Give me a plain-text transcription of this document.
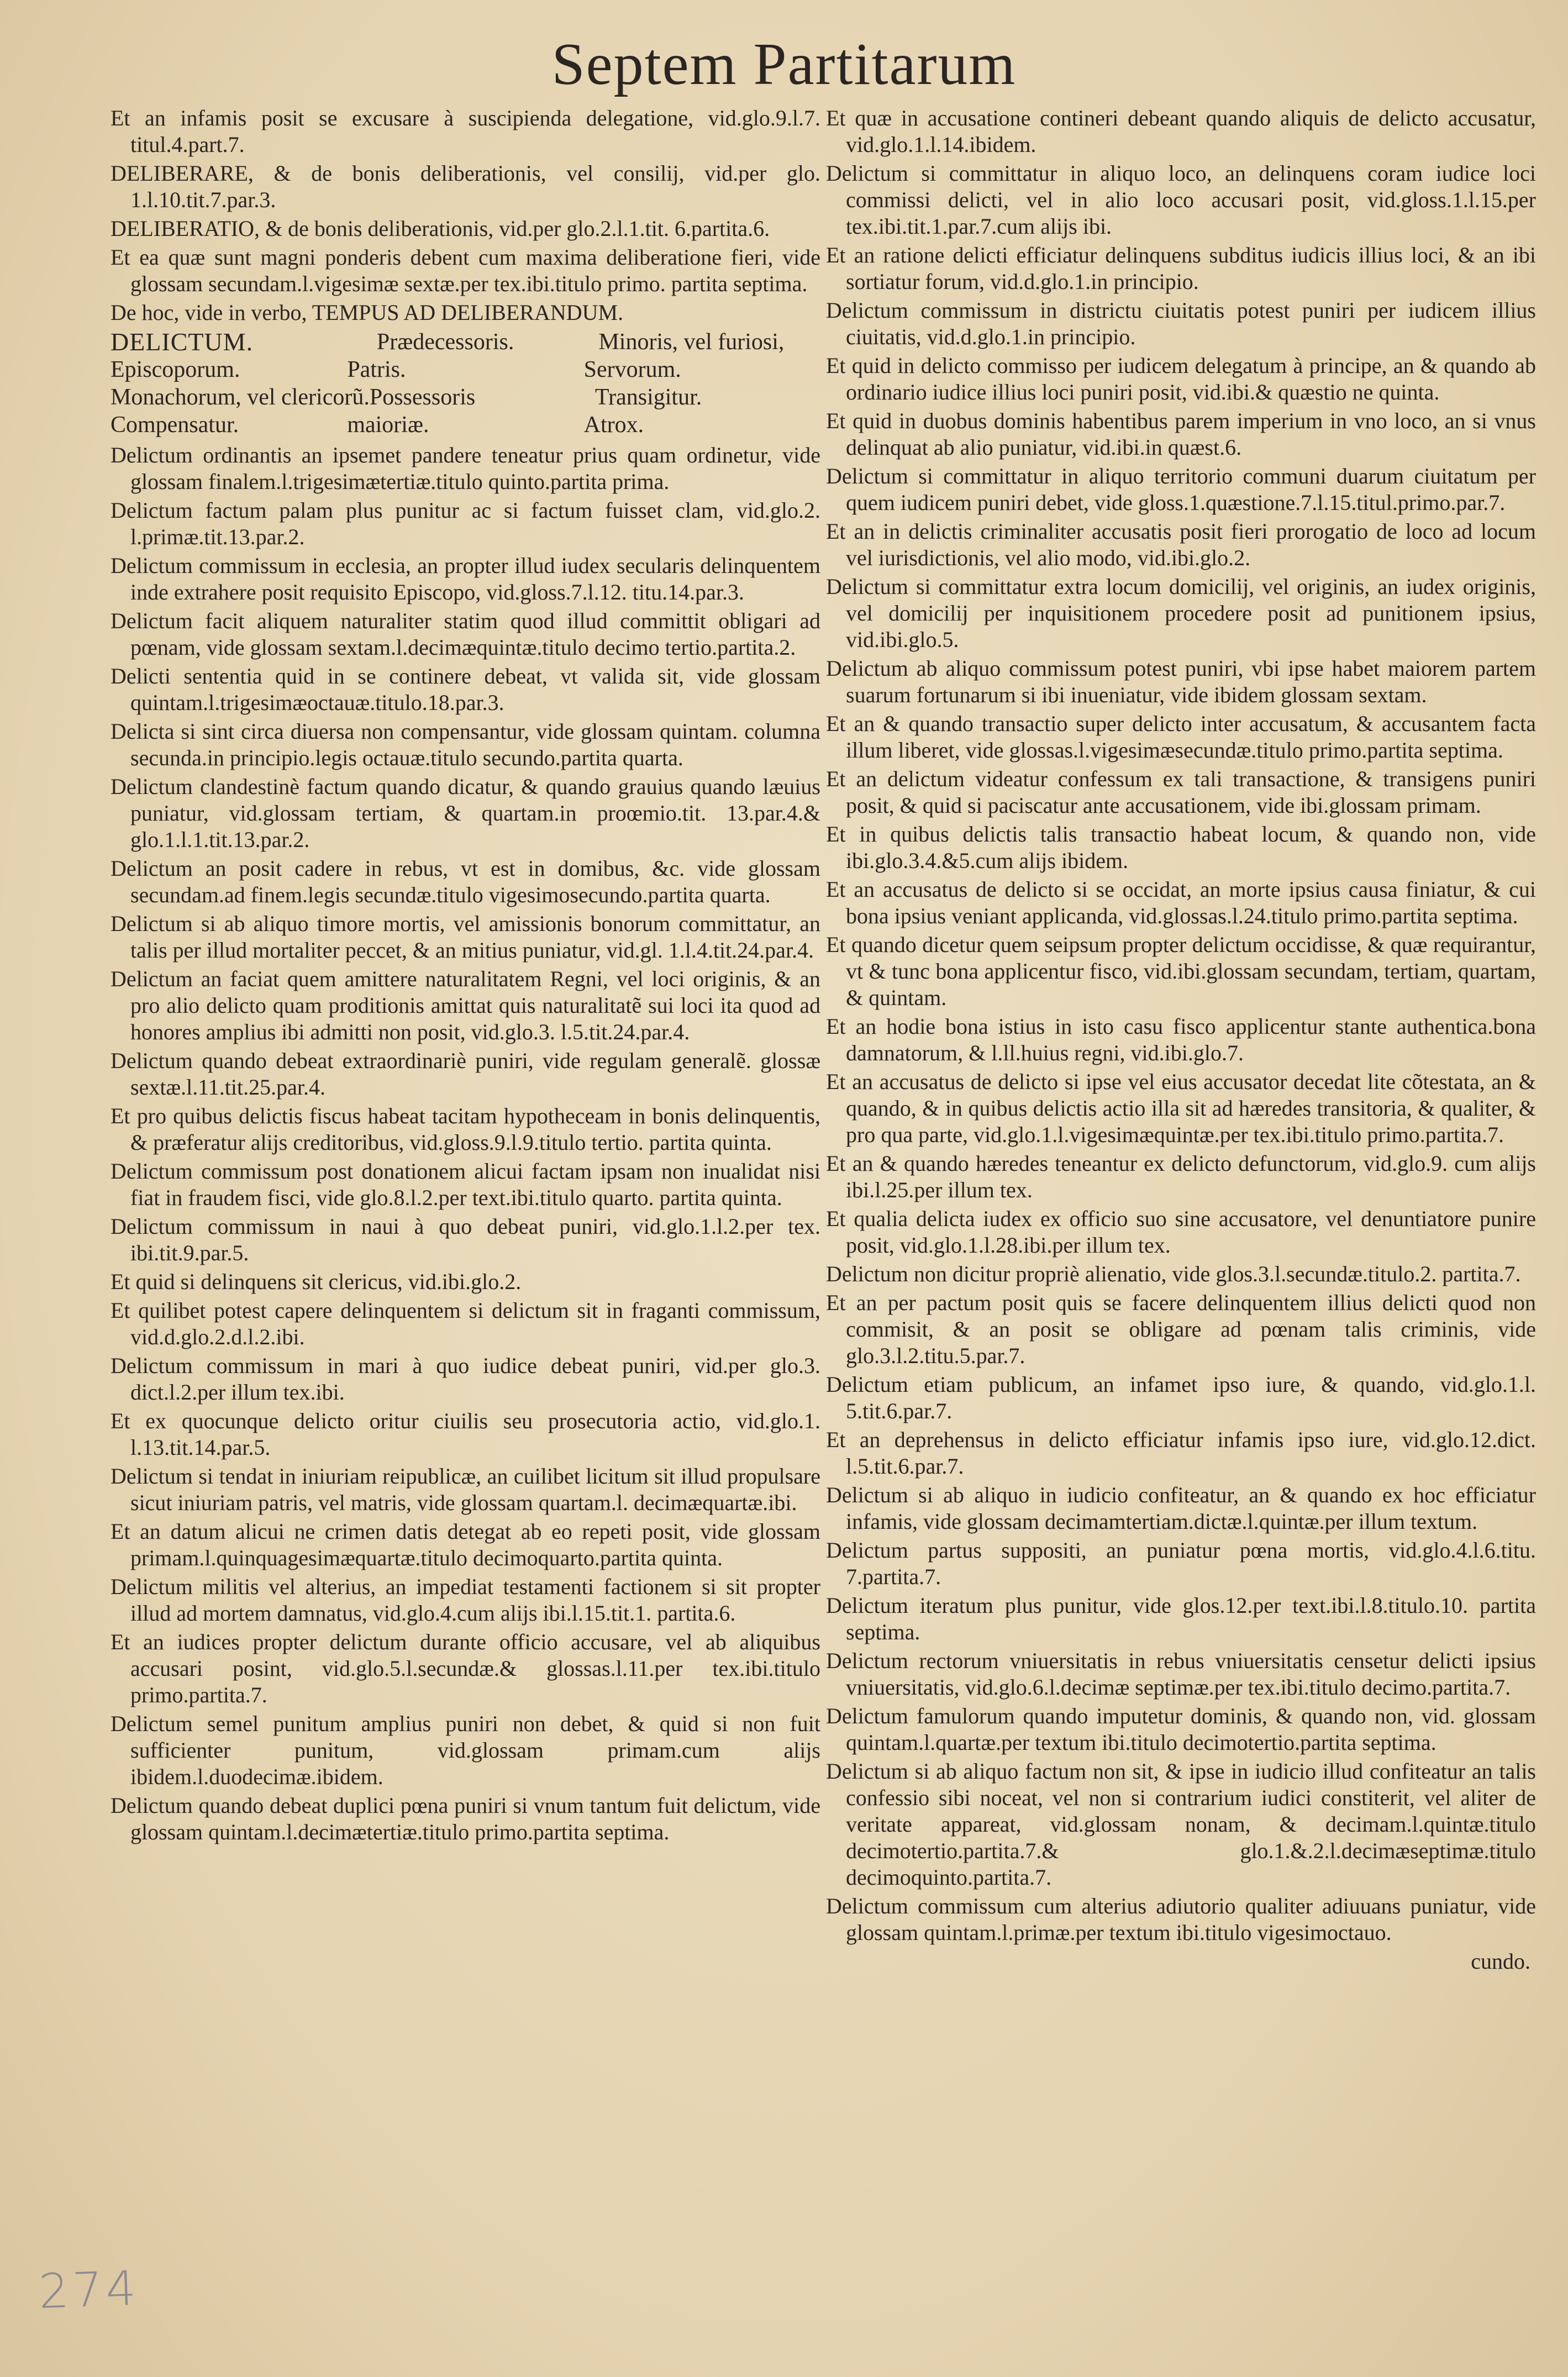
Septem Partitarum

Et an infamis posit se excusare à suscipienda delegatione, vid.glo.9.l.7. titul.4.part.7.

DELIBERARE, & de bonis deliberationis, vel consilij, vid.per glo. 1.l.10.tit.7.par.3.

DELIBERATIO, & de bonis deliberationis, vid.per glo.2.l.1.tit. 6.partita.6.

Et ea quæ sunt magni ponderis debent cum maxima deliberatione fieri, vide glossam secundam.l.vigesimæ sextæ.per tex.ibi.titulo primo. partita septima.

De hoc, vide in verbo, TEMPUS AD DELIBERANDUM.

DELICTUM.	Prædecessoris.	Minoris, vel furiosi,
Episcoporum.	Patris.	Servorum.
Monachorum, vel clericorũ. Possessoris	Transigitur.
Compensatur.	maioriæ.	Atrox.

Delictum ordinantis an ipsemet pandere teneatur prius quam ordinetur, vide glossam finalem.l.trigesimætertiæ.titulo quinto.partita prima.

Delictum factum palam plus punitur ac si factum fuisset clam, vid.glo.2. l.primæ.tit.13.par.2.

Delictum commissum in ecclesia, an propter illud iudex secularis delinquentem inde extrahere posit requisito Episcopo, vid.gloss.7.l.12. titu.14.par.3.

Delictum facit aliquem naturaliter statim quod illud committit obligari ad pœnam, vide glossam sextam.l.decimæquintæ.titulo decimo tertio.partita.2.

Delicti sententia quid in se continere debeat, vt valida sit, vide glossam quintam.l.trigesimæoctauæ.titulo.18.par.3.

Delicta si sint circa diuersa non compensantur, vide glossam quintam. columna secunda.in principio.legis octauæ.titulo secundo.partita quarta.

Delictum clandestinè factum quando dicatur, & quando grauius quando læuius puniatur, vid.glossam tertiam, & quartam.in proœmio.tit. 13.par.4.& glo.1.l.1.tit.13.par.2.

Delictum an posit cadere in rebus, vt est in domibus, &c. vide glossam secundam.ad finem.legis secundæ.titulo vigesimosecundo.partita quarta.

Delictum si ab aliquo timore mortis, vel amissionis bonorum committatur, an talis per illud mortaliter peccet, & an mitius puniatur, vid.gl. 1.l.4.tit.24.par.4.

Delictum an faciat quem amittere naturalitatem Regni, vel loci originis, & an pro alio delicto quam proditionis amittat quis naturalitatẽ sui loci ita quod ad honores amplius ibi admitti non posit, vid.glo.3. l.5.tit.24.par.4.

Delictum quando debeat extraordinariè puniri, vide regulam generalẽ. glossæ sextæ.l.11.tit.25.par.4.

Et pro quibus delictis fiscus habeat tacitam hypotheceam in bonis delinquentis, & præferatur alijs creditoribus, vid.gloss.9.l.9.titulo tertio. partita quinta.

Delictum commissum post donationem alicui factam ipsam non inualidat nisi fiat in fraudem fisci, vide glo.8.l.2.per text.ibi.titulo quarto. partita quinta.

Delictum commissum in naui à quo debeat puniri, vid.glo.1.l.2.per tex. ibi.tit.9.par.5.

Et quid si delinquens sit clericus, vid.ibi.glo.2.

Et quilibet potest capere delinquentem si delictum sit in fraganti commissum, vid.d.glo.2.d.l.2.ibi.

Delictum commissum in mari à quo iudice debeat puniri, vid.per glo.3. dict.l.2.per illum tex.ibi.

Et ex quocunque delicto oritur ciuilis seu prosecutoria actio, vid.glo.1. l.13.tit.14.par.5.

Delictum si tendat in iniuriam reipublicæ, an cuilibet licitum sit illud propulsare sicut iniuriam patris, vel matris, vide glossam quartam.l. decimæquartæ.ibi.

Et an datum alicui ne crimen datis detegat ab eo repeti posit, vide glossam primam.l.quinquagesimæquartæ.titulo decimoquarto.partita quinta.

Delictum militis vel alterius, an impediat testamenti factionem si sit propter illud ad mortem damnatus, vid.glo.4.cum alijs ibi.l.15.tit.1. partita.6.

Et an iudices propter delictum durante officio accusare, vel ab aliquibus accusari posint, vid.glo.5.l.secundæ.& glossas.l.11.per tex.ibi.titulo primo.partita.7.

Delictum semel punitum amplius puniri non debet, & quid si non fuit sufficienter punitum, vid.glossam primam.cum alijs ibidem.l.duodecimæ.ibidem.

Delictum quando debeat duplici pœna puniri si vnum tantum fuit delictum, vide glossam quintam.l.decimætertiæ.titulo primo.partita septima.

Et quæ in accusatione contineri debeant quando aliquis de delicto accusatur, vid.glo.1.l.14.ibidem.

Delictum si committatur in aliquo loco, an delinquens coram iudice loci commissi delicti, vel in alio loco accusari posit, vid.gloss.1.l.15.per tex.ibi.tit.1.par.7.cum alijs ibi.

Et an ratione delicti efficiatur delinquens subditus iudicis illius loci, & an ibi sortiatur forum, vid.d.glo.1.in principio.

Delictum commissum in districtu ciuitatis potest puniri per iudicem illius ciuitatis, vid.d.glo.1.in principio.

Et quid in delicto commisso per iudicem delegatum à principe, an & quando ab ordinario iudice illius loci puniri posit, vid.ibi.& quæstio ne quinta.

Et quid in duobus dominis habentibus parem imperium in vno loco, an si vnus delinquat ab alio puniatur, vid.ibi.in quæst.6.

Delictum si committatur in aliquo territorio communi duarum ciuitatum per quem iudicem puniri debet, vide gloss.1.quæstione.7.l.15.titul.primo.par.7.

Et an in delictis criminaliter accusatis posit fieri prorogatio de loco ad locum vel iurisdictionis, vel alio modo, vid.ibi.glo.2.

Delictum si committatur extra locum domicilij, vel originis, an iudex originis, vel domicilij per inquisitionem procedere posit ad punitionem ipsius, vid.ibi.glo.5.

Delictum ab aliquo commissum potest puniri, vbi ipse habet maiorem partem suarum fortunarum si ibi inueniatur, vide ibidem glossam sextam.

Et an & quando transactio super delicto inter accusatum, & accusantem facta illum liberet, vide glossas.l.vigesimæsecundæ.titulo primo.partita septima.

Et an delictum videatur confessum ex tali transactione, & transigens puniri posit, & quid si paciscatur ante accusationem, vide ibi.glossam primam.

Et in quibus delictis talis transactio habeat locum, & quando non, vide ibi.glo.3.4.&5.cum alijs ibidem.

Et an accusatus de delicto si se occidat, an morte ipsius causa finiatur, & cui bona ipsius veniant applicanda, vid.glossas.l.24.titulo primo.partita septima.

Et quando dicetur quem seipsum propter delictum occidisse, & quæ requirantur, vt & tunc bona applicentur fisco, vid.ibi.glossam secundam, tertiam, quartam, & quintam.

Et an hodie bona istius in isto casu fisco applicentur stante authentica.bona damnatorum, & l.ll.huius regni, vid.ibi.glo.7.

Et an accusatus de delicto si ipse vel eius accusator decedat lite cõtestata, an & quando, & in quibus delictis actio illa sit ad hæredes transitoria, & qualiter, & pro qua parte, vid.glo.1.l.vigesimæquintæ.per tex.ibi.titulo primo.partita.7.

Et an & quando hæredes teneantur ex delicto defunctorum, vid.glo.9. cum alijs ibi.l.25.per illum tex.

Et qualia delicta iudex ex officio suo sine accusatore, vel denuntiatore punire posit, vid.glo.1.l.28.ibi.per illum tex.

Delictum non dicitur propriè alienatio, vide glos.3.l.secundæ.titulo.2. partita.7.

Et an per pactum posit quis se facere delinquentem illius delicti quod non commisit, & an posit se obligare ad pœnam talis criminis, vide glo.3.l.2.titu.5.par.7.

Delictum etiam publicum, an infamet ipso iure, & quando, vid.glo.1.l. 5.tit.6.par.7.

Et an deprehensus in delicto efficiatur infamis ipso iure, vid.glo.12.dict. l.5.tit.6.par.7.

Delictum si ab aliquo in iudicio confiteatur, an & quando ex hoc efficiatur infamis, vide glossam decimamtertiam.dictæ.l.quintæ.per illum textum.

Delictum partus suppositi, an puniatur pœna mortis, vid.glo.4.l.6.titu. 7.partita.7.

Delictum iteratum plus punitur, vide glos.12.per text.ibi.l.8.titulo.10. partita septima.

Delictum rectorum vniuersitatis in rebus vniuersitatis censetur delicti ipsius vniuersitatis, vid.glo.6.l.decimæ septimæ.per tex.ibi.titulo decimo.partita.7.

Delictum famulorum quando imputetur dominis, & quando non, vid. glossam quintam.l.quartæ.per textum ibi.titulo decimotertio.partita septima.

Delictum si ab aliquo factum non sit, & ipse in iudicio illud confiteatur an talis confessio sibi noceat, vel non si contrarium iudici constiterit, vel aliter de veritate appareat, vid.glossam nonam, & decimam.l.quintæ.titulo decimotertio.partita.7.& glo.1.&.2.l.decimæseptimæ.titulo decimoquinto.partita.7.

Delictum commissum cum alterius adiutorio qualiter adiuuans puniatur, vide glossam quintam.l.primæ.per textum ibi.titulo vigesimoctauo.

cundo.
274
